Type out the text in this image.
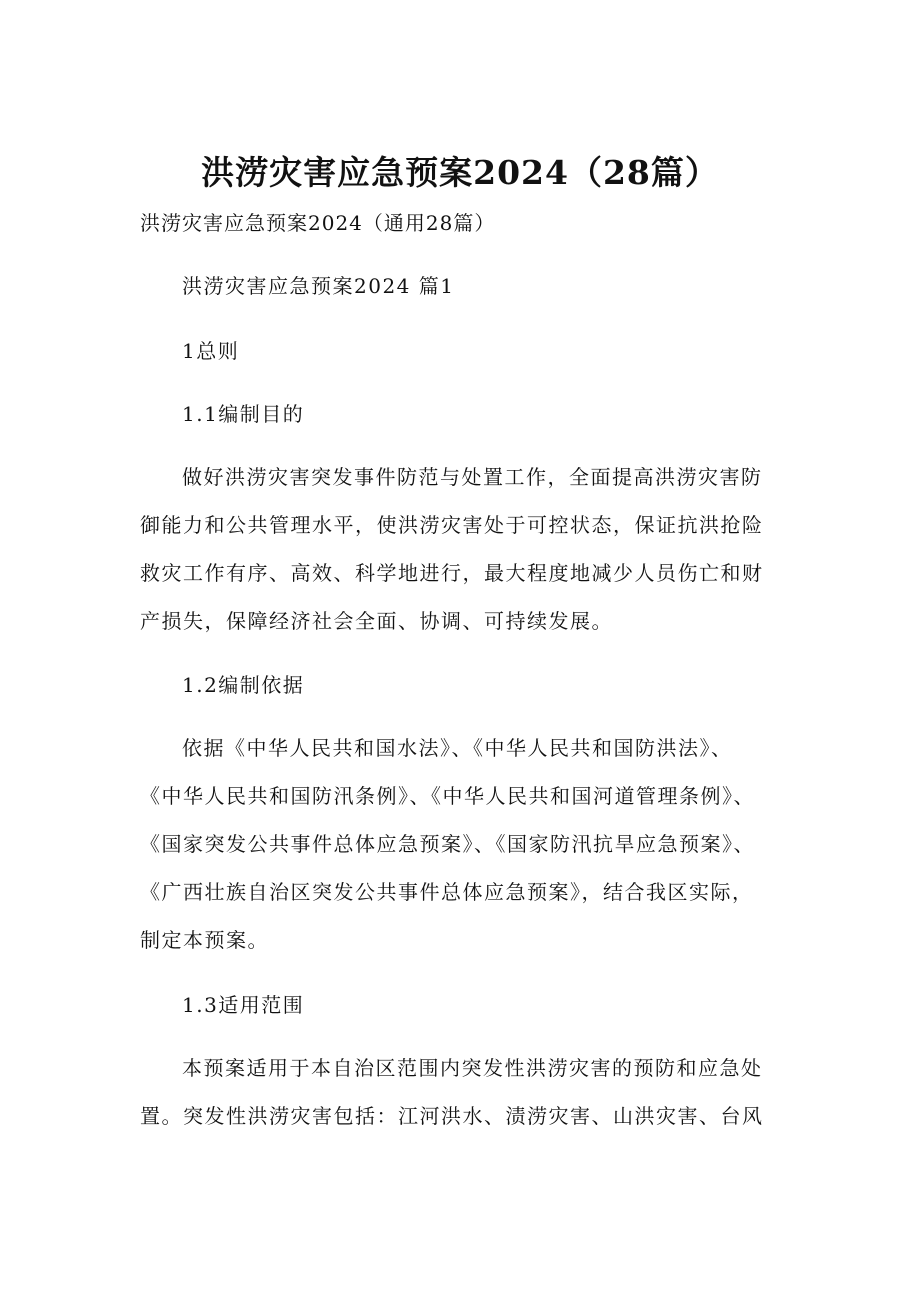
洪涝灾害应急预案2024（28篇）
洪涝灾害应急预案2024（通用28篇）
洪涝灾害应急预案2024 篇1
1总则
1.1编制目的
做好洪涝灾害突发事件防范与处置工作，全面提高洪涝灾害防
御能力和公共管理水平，使洪涝灾害处于可控状态，保证抗洪抢险
救灾工作有序、高效、科学地进行，最大程度地减少人员伤亡和财
产损失，保障经济社会全面、协调、可持续发展。
1.2编制依据
依据《中华人民共和国水法》、《中华人民共和国防洪法》、
《中华人民共和国防汛条例》、《中华人民共和国河道管理条例》、
《国家突发公共事件总体应急预案》、《国家防汛抗旱应急预案》、
《广西壮族自治区突发公共事件总体应急预案》，结合我区实际，
制定本预案。
1.3适用范围
本预案适用于本自治区范围内突发性洪涝灾害的预防和应急处
置。突发性洪涝灾害包括：江河洪水、渍涝灾害、山洪灾害、台风
